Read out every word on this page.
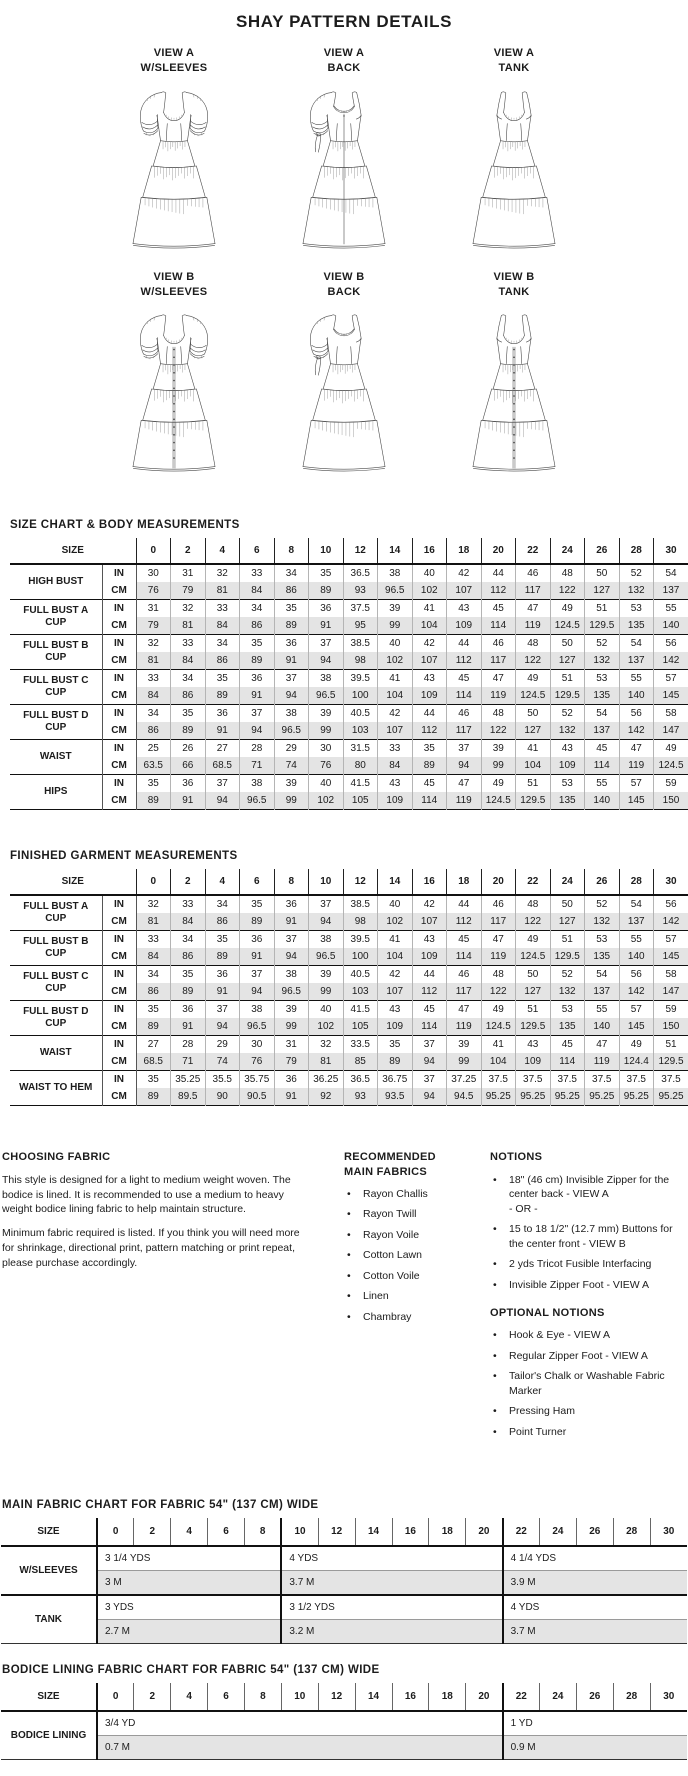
SHAY PATTERN DETAILS
VIEW A
W/SLEEVES
VIEW A
BACK
VIEW A
TANK
VIEW B
W/SLEEVES
VIEW B
BACK
VIEW B
TANK
SIZE CHART & BODY MEASUREMENTS
SIZE		0	2	4	6	8	10	12	14	16	18	20	22	24	26	28	30
HIGH BUST	IN	30	31	32	33	34	35	36.5	38	40	42	44	46	48	50	52	54
	CM	76	79	81	84	86	89	93	96.5	102	107	112	117	122	127	132	137
FULL BUST A CUP	IN	31	32	33	34	35	36	37.5	39	41	43	45	47	49	51	53	55
	CM	79	81	84	86	89	91	95	99	104	109	114	119	124.5	129.5	135	140
FULL BUST B CUP	IN	32	33	34	35	36	37	38.5	40	42	44	46	48	50	52	54	56
	CM	81	84	86	89	91	94	98	102	107	112	117	122	127	132	137	142
FULL BUST C CUP	IN	33	34	35	36	37	38	39.5	41	43	45	47	49	51	53	55	57
	CM	84	86	89	91	94	96.5	100	104	109	114	119	124.5	129.5	135	140	145
FULL BUST D CUP	IN	34	35	36	37	38	39	40.5	42	44	46	48	50	52	54	56	58
	CM	86	89	91	94	96.5	99	103	107	112	117	122	127	132	137	142	147
WAIST	IN	25	26	27	28	29	30	31.5	33	35	37	39	41	43	45	47	49
	CM	63.5	66	68.5	71	74	76	80	84	89	94	99	104	109	114	119	124.5
HIPS	IN	35	36	37	38	39	40	41.5	43	45	47	49	51	53	55	57	59
	CM	89	91	94	96.5	99	102	105	109	114	119	124.5	129.5	135	140	145	150
FINISHED GARMENT MEASUREMENTS
SIZE		0	2	4	6	8	10	12	14	16	18	20	22	24	26	28	30
FULL BUST A CUP	IN	32	33	34	35	36	37	38.5	40	42	44	46	48	50	52	54	56
	CM	81	84	86	89	91	94	98	102	107	112	117	122	127	132	137	142
FULL BUST B CUP	IN	33	34	35	36	37	38	39.5	41	43	45	47	49	51	53	55	57
	CM	84	86	89	91	94	96.5	100	104	109	114	119	124.5	129.5	135	140	145
FULL BUST C CUP	IN	34	35	36	37	38	39	40.5	42	44	46	48	50	52	54	56	58
	CM	86	89	91	94	96.5	99	103	107	112	117	122	127	132	137	142	147
FULL BUST D CUP	IN	35	36	37	38	39	40	41.5	43	45	47	49	51	53	55	57	59
	CM	89	91	94	96.5	99	102	105	109	114	119	124.5	129.5	135	140	145	150
WAIST	IN	27	28	29	30	31	32	33.5	35	37	39	41	43	45	47	49	51
	CM	68.5	71	74	76	79	81	85	89	94	99	104	109	114	119	124.4	129.5
WAIST TO HEM	IN	35	35.25	35.5	35.75	36	36.25	36.5	36.75	37	37.25	37.5	37.5	37.5	37.5	37.5	37.5
	CM	89	89.5	90	90.5	91	92	93	93.5	94	94.5	95.25	95.25	95.25	95.25	95.25	95.25
CHOOSING FABRIC

This style is designed for a light to medium weight woven. The bodice is lined. It is recommended to use a medium to heavy weight bodice lining fabric to help maintain structure.

Minimum fabric required is listed. If you think you will need more for shrinkage, directional print, pattern matching or print repeat, please purchase accordingly.

RECOMMENDED MAIN FABRICS
• Rayon Challis
• Rayon Twill
• Rayon Voile
• Cotton Lawn
• Cotton Voile
• Linen
• Chambray
NOTIONS
• 18" (46 cm) Invisible Zipper for the center back - VIEW A
- OR -
• 15 to 18 1/2" (12.7 mm) Buttons for the center front - VIEW B
• 2 yds Tricot Fusible Interfacing
• Invisible Zipper Foot - VIEW A
OPTIONAL NOTIONS
• Hook & Eye - VIEW A
• Regular Zipper Foot - VIEW A
• Tailor's Chalk or Washable Fabric Marker
• Pressing Ham
• Point Turner
MAIN FABRIC CHART FOR FABRIC 54" (137 CM) WIDE
SIZE	0	2	4	6	8	10	12	14	16	18	20	22	24	26	28	30
W/SLEEVES	3 1/4 YDS					4 YDS						4 1/4 YDS				
	3 M					3.7 M						3.9 M				
TANK	3 YDS					3 1/2 YDS						4 YDS				
	2.7 M					3.2 M						3.7 M				
BODICE LINING FABRIC CHART FOR FABRIC 54" (137 CM) WIDE
SIZE	0	2	4	6	8	10	12	14	16	18	20	22	24	26	28	30
BODICE LINING	3/4 YD											1 YD				
	0.7 M											0.9 M				
